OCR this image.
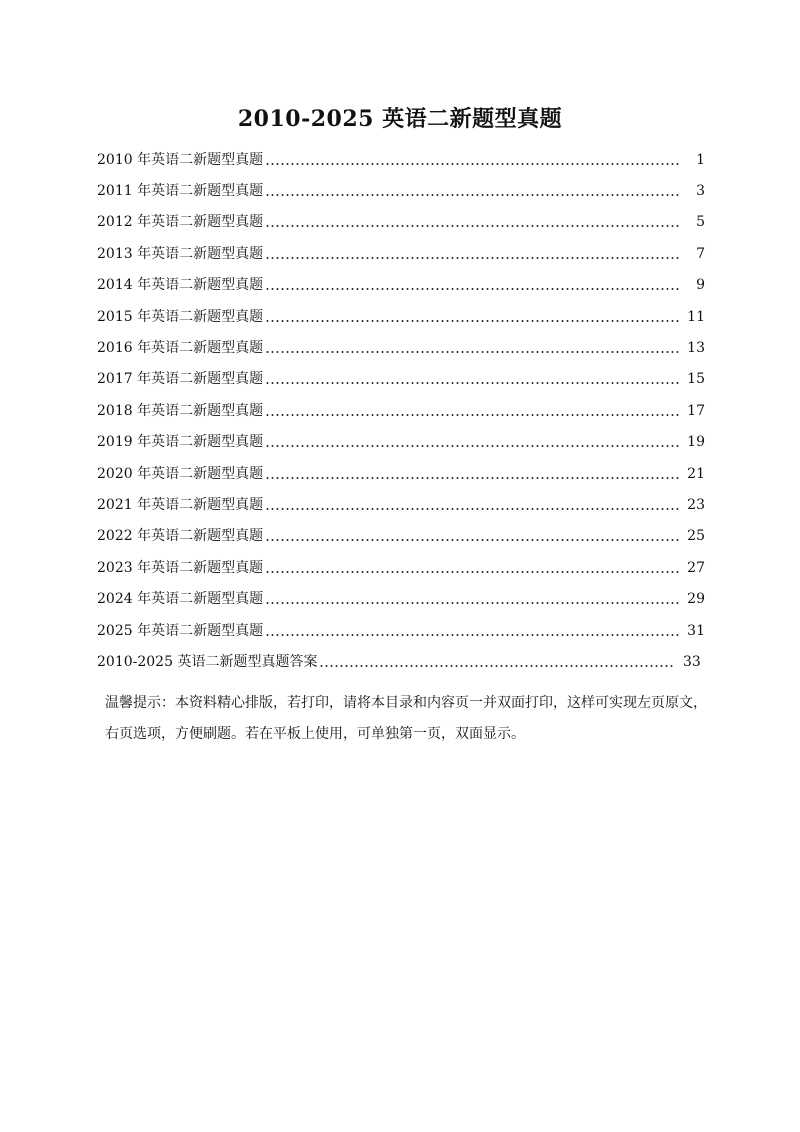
2010-2025 英语二新题型真题
2010 年英语二新题型真题	1
2011 年英语二新题型真题	3
2012 年英语二新题型真题	5
2013 年英语二新题型真题	7
2014 年英语二新题型真题	9
2015 年英语二新题型真题	11
2016 年英语二新题型真题	13
2017 年英语二新题型真题	15
2018 年英语二新题型真题	17
2019 年英语二新题型真题	19
2020 年英语二新题型真题	21
2021 年英语二新题型真题	23
2022 年英语二新题型真题	25
2023 年英语二新题型真题	27
2024 年英语二新题型真题	29
2025 年英语二新题型真题	31
2010-2025 英语二新题型真题答案	33
温馨提示：本资料精心排版，若打印，请将本目录和内容页一并双面打印，这样可实现左页原文，右页选项，方便刷题。若在平板上使用，可单独第一页，双面显示。
